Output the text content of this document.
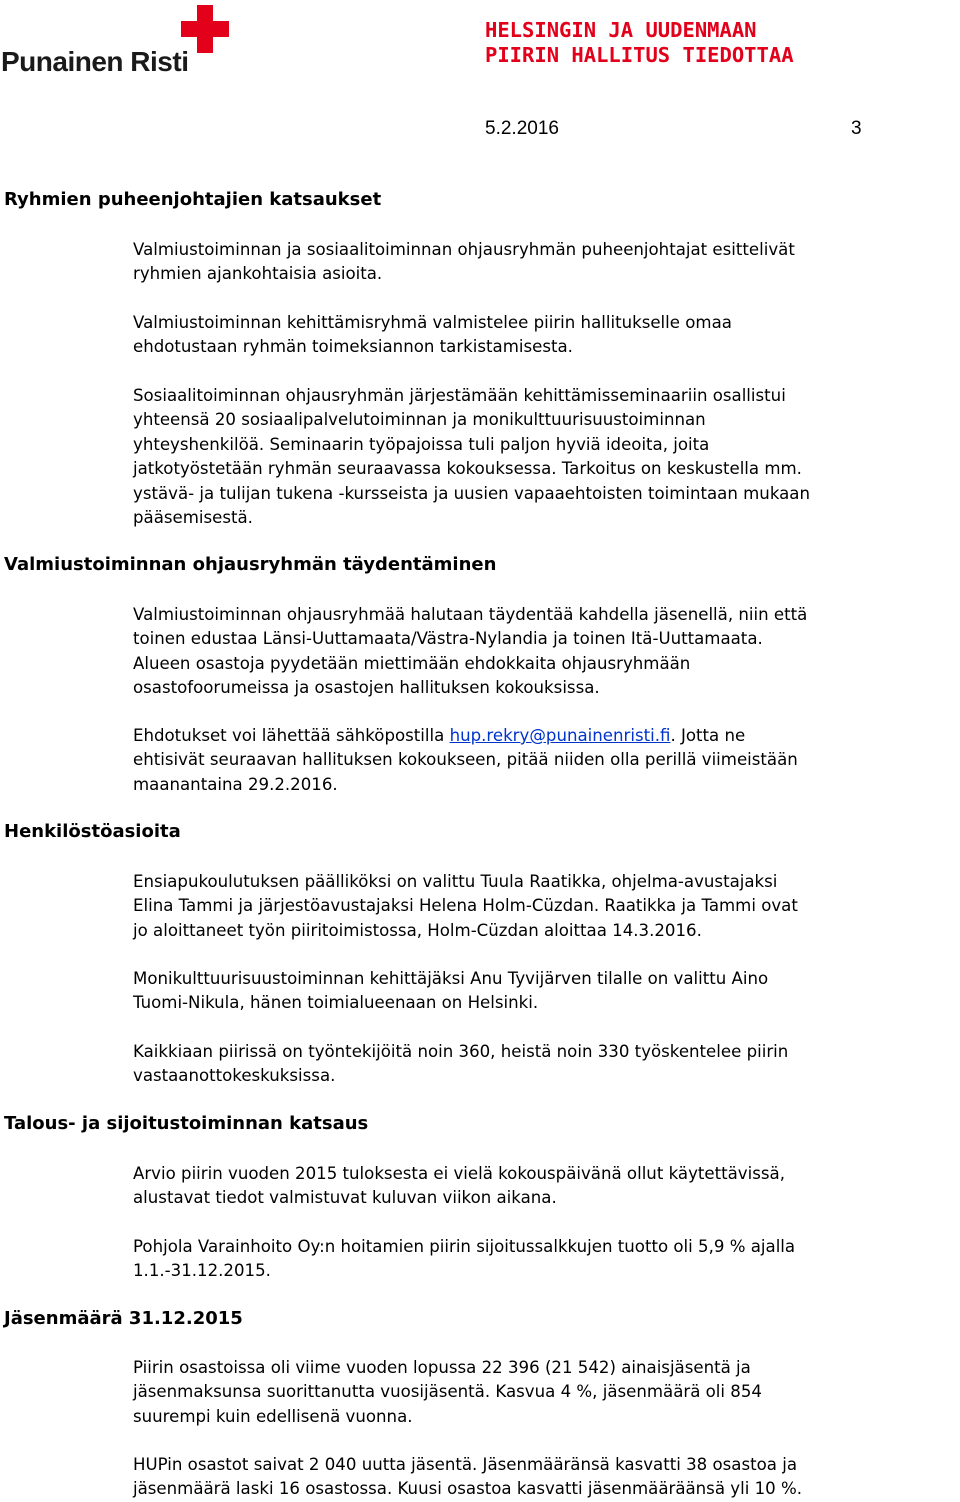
Punainen Risti
HELSINGIN JA UUDENMAAN
PIIRIN HALLITUS TIEDOTTAA
5.2.2016	3
Ryhmien puheenjohtajien katsaukset
Valmiustoiminnan ja sosiaalitoiminnan ohjausryhmän puheenjohtajat esittelivät
ryhmien ajankohtaisia asioita.
Valmiustoiminnan kehittämisryhmä valmistelee piirin hallitukselle omaa
ehdotustaan ryhmän toimeksiannon tarkistamisesta.
Sosiaalitoiminnan ohjausryhmän järjestämään kehittämisseminaariin osallistui
yhteensä 20 sosiaalipalvelutoiminnan ja monikulttuurisuustoiminnan
yhteyshenkilöä. Seminaarin työpajoissa tuli paljon hyviä ideoita, joita
jatkotyöstetään ryhmän seuraavassa kokouksessa. Tarkoitus on keskustella mm.
ystävä- ja tulijan tukena -kursseista ja uusien vapaaehtoisten toimintaan mukaan
pääsemisestä.
Valmiustoiminnan ohjausryhmän täydentäminen
Valmiustoiminnan ohjausryhmää halutaan täydentää kahdella jäsenellä, niin että
toinen edustaa Länsi-Uuttamaata/Västra-Nylandia ja toinen Itä-Uuttamaata.
Alueen osastoja pyydetään miettimään ehdokkaita ohjausryhmään
osastofoorumeissa ja osastojen hallituksen kokouksissa.
Ehdotukset voi lähettää sähköpostilla hup.rekry@punainenristi.fi. Jotta ne
ehtisivät seuraavan hallituksen kokoukseen, pitää niiden olla perillä viimeistään
maanantaina 29.2.2016.
Henkilöstöasioita
Ensiapukoulutuksen päälliköksi on valittu Tuula Raatikka, ohjelma-avustajaksi
Elina Tammi ja järjestöavustajaksi Helena Holm-Cüzdan. Raatikka ja Tammi ovat
jo aloittaneet työn piiritoimistossa, Holm-Cüzdan aloittaa 14.3.2016.
Monikulttuurisuustoiminnan kehittäjäksi Anu Tyvijärven tilalle on valittu Aino
Tuomi-Nikula, hänen toimialueenaan on Helsinki.
Kaikkiaan piirissä on työntekijöitä noin 360, heistä noin 330 työskentelee piirin
vastaanottokeskuksissa.
Talous- ja sijoitustoiminnan katsaus
Arvio piirin vuoden 2015 tuloksesta ei vielä kokouspäivänä ollut käytettävissä,
alustavat tiedot valmistuvat kuluvan viikon aikana.
Pohjola Varainhoito Oy:n hoitamien piirin sijoitussalkkujen tuotto oli 5,9 % ajalla
1.1.-31.12.2015.
Jäsenmäärä 31.12.2015
Piirin osastoissa oli viime vuoden lopussa 22 396 (21 542) ainaisjäsentä ja
jäsenmaksunsa suorittanutta vuosijäsentä. Kasvua 4 %, jäsenmäärä oli 854
suurempi kuin edellisenä vuonna.
HUPin osastot saivat 2 040 uutta jäsentä. Jäsenmääränsä kasvatti 38 osastoa ja
jäsenmäärä laski 16 osastossa. Kuusi osastoa kasvatti jäsenmääräänsä yli 10 %.
